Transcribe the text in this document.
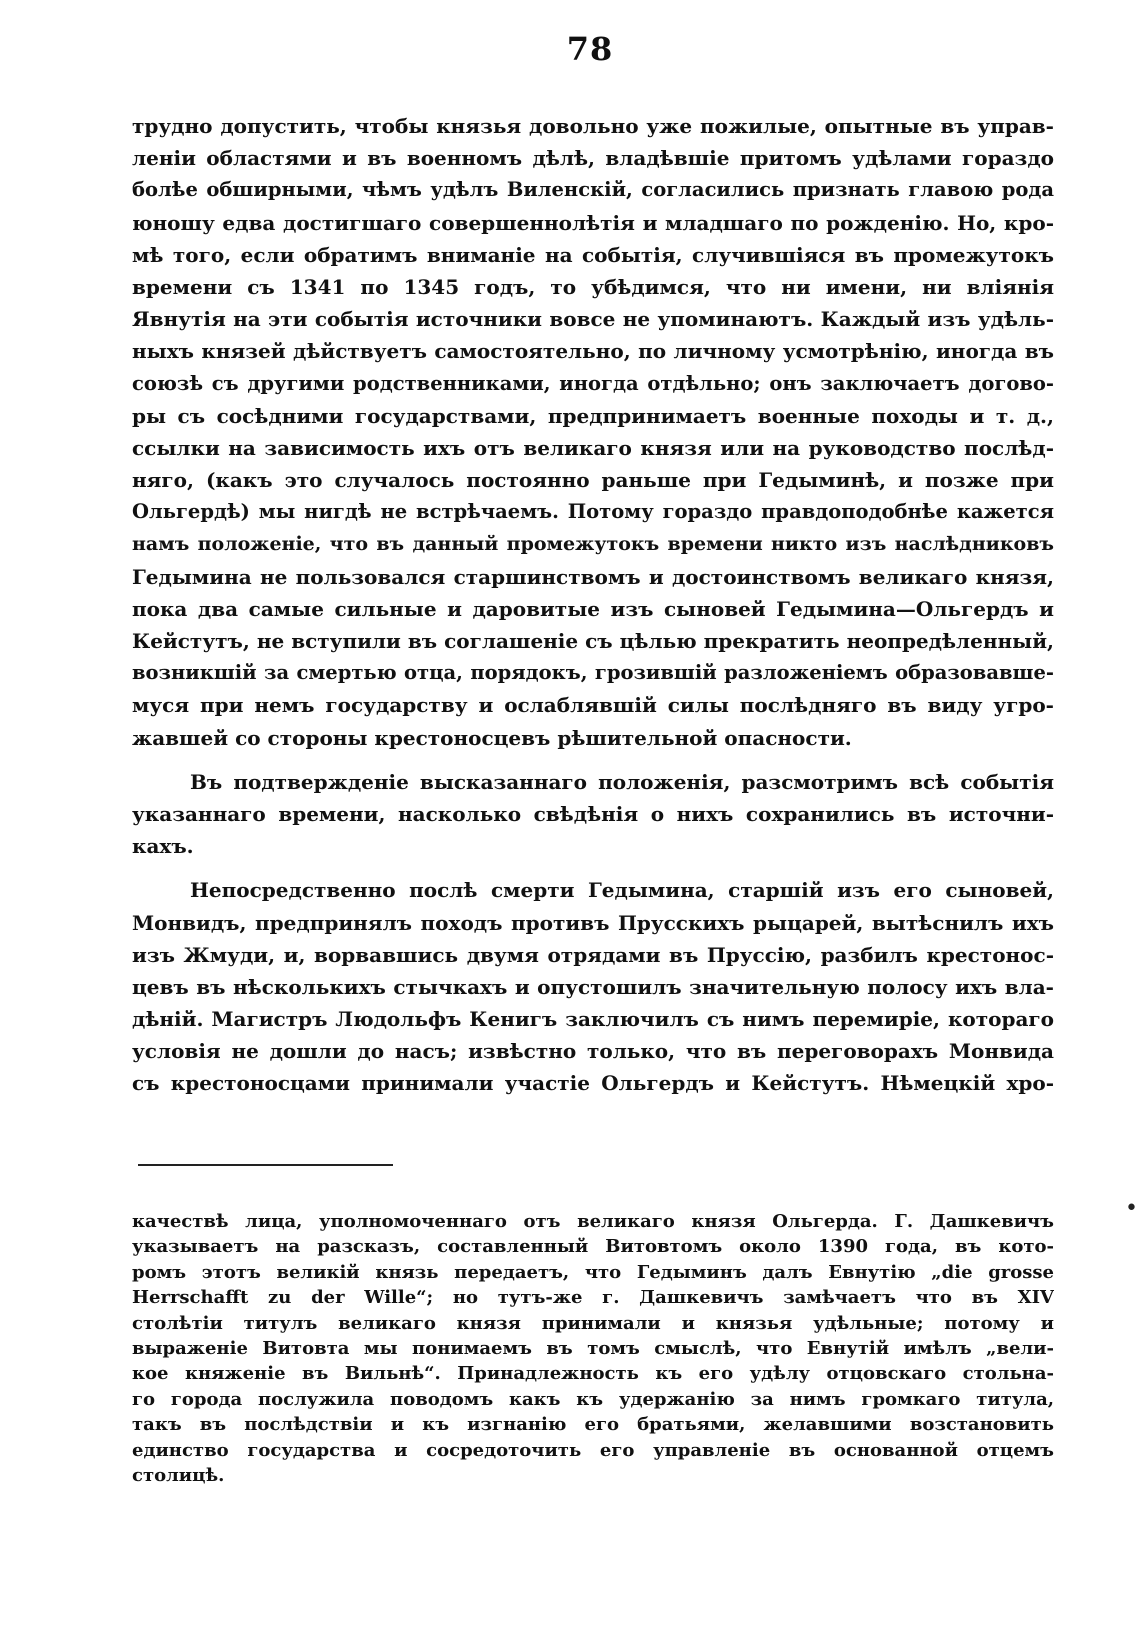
78
трудно допустить, чтобы князья довольно уже пожилые, опытные въ управ-
леніи областями и въ военномъ дѣлѣ, владѣвшіе притомъ удѣлами гораздо
болѣе обширными, чѣмъ удѣлъ Виленскій, согласились признать главою рода
юношу едва достигшаго совершеннолѣтія и младшаго по рожденію. Но, кро-
мѣ того, если обратимъ вниманіе на событія, случившіяся въ промежутокъ
времени съ 1341 по 1345 годъ, то убѣдимся, что ни имени, ни вліянія
Явнутія на эти событія источники вовсе не упоминаютъ. Каждый изъ удѣль-
ныхъ князей дѣйствуетъ самостоятельно, по личному усмотрѣнію, иногда въ
союзѣ съ другими родственниками, иногда отдѣльно; онъ заключаетъ догово-
ры съ сосѣдними государствами, предпринимаетъ военные походы и т. д.,
ссылки на зависимость ихъ отъ великаго князя или на руководство послѣд-
няго, (какъ это случалось постоянно раньше при Гедыминѣ, и позже при
Ольгердѣ) мы нигдѣ не встрѣчаемъ. Потому гораздо правдоподобнѣе кажется
намъ положеніе, что въ данный промежутокъ времени никто изъ наслѣдниковъ
Гедымина не пользовался старшинствомъ и достоинствомъ великаго князя,
пока два самые сильные и даровитые изъ сыновей Гедымина—Ольгердъ и
Кейстутъ, не вступили въ соглашеніе съ цѣлью прекратить неопредѣленный,
возникшій за смертью отца, порядокъ, грозившій разложеніемъ образовавше-
муся при немъ государству и ослаблявшій силы послѣдняго въ виду угро-
жавшей со стороны крестоносцевъ рѣшительной опасности.
Въ подтвержденіе высказаннаго положенія, разсмотримъ всѣ событія
указаннаго времени, насколько свѣдѣнія о нихъ сохранились въ источни-
кахъ.
Непосредственно послѣ смерти Гедымина, старшій изъ его сыновей,
Монвидъ, предпринялъ походъ противъ Прусскихъ рыцарей, вытѣснилъ ихъ
изъ Жмуди, и, ворвавшись двумя отрядами въ Пруссію, разбилъ крестонос-
цевъ въ нѣсколькихъ стычкахъ и опустошилъ значительную полосу ихъ вла-
дѣній. Магистръ Людольфъ Кенигъ заключилъ съ нимъ перемиріе, котораго
условія не дошли до насъ; извѣстно только, что въ переговорахъ Монвида
съ крестоносцами принимали участіе Ольгердъ и Кейстутъ. Нѣмецкій хро-
•
качествѣ лица, уполномоченнаго отъ великаго князя Ольгерда. Г. Дашкевичъ
указываетъ на разсказъ, составленный Витовтомъ около 1390 года, въ кото-
ромъ этотъ великій князь передаетъ, что Гедыминъ далъ Евнутію „die grosse
Herrschafft zu der Wille“; но тутъ-же г. Дашкевичъ замѣчаетъ что въ XIV
столѣтіи титулъ великаго князя принимали и князья удѣльные; потому и
выраженіе Витовта мы понимаемъ въ томъ смыслѣ, что Евнутій имѣлъ „вели-
кое княженіе въ Вильнѣ“. Принадлежность къ его удѣлу отцовскаго стольна-
го города послужила поводомъ какъ къ удержанію за нимъ громкаго титула,
такъ въ послѣдствіи и къ изгнанію его братьями, желавшими возстановить
единство государства и сосредоточить его управленіе въ основанной отцемъ
столицѣ.
